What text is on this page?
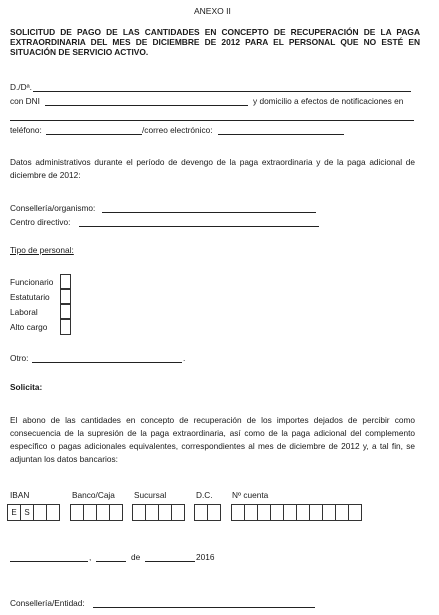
ANEXO II
SOLICITUD DE PAGO DE LAS CANTIDADES EN CONCEPTO DE RECUPERACIÓN DE LA PAGA EXTRAORDINARIA DEL MES DE DICIEMBRE DE 2012 PARA EL PERSONAL QUE NO ESTÉ EN SITUACIÓN DE SERVICIO ACTIVO.
D./Dª.
con DNI	y domicilio a efectos de notificaciones en
teléfono:	/correo electrónico:
Datos administrativos durante el período de devengo de la paga extraordinaria y de la paga adicional de diciembre de 2012:
Consellería/organismo:
Centro directivo:
Tipo de personal:
Funcionario
Estatutario
Laboral
Alto cargo
Otro:	.
Solicita:
El abono de las cantidades en concepto de recuperación de los importes dejados de percibir como consecuencia de la supresión de la paga extraordinaria, así como de la paga adicional del complemento específico o pagas adicionales equivalentes, correspondientes al mes de diciembre de 2012 y, a tal fin, se adjuntan los datos bancarios:
IBAN	Banco/Caja Sucursal	D.C. Nº cuenta
E S
,	de	2016
Consellería/Entidad:
